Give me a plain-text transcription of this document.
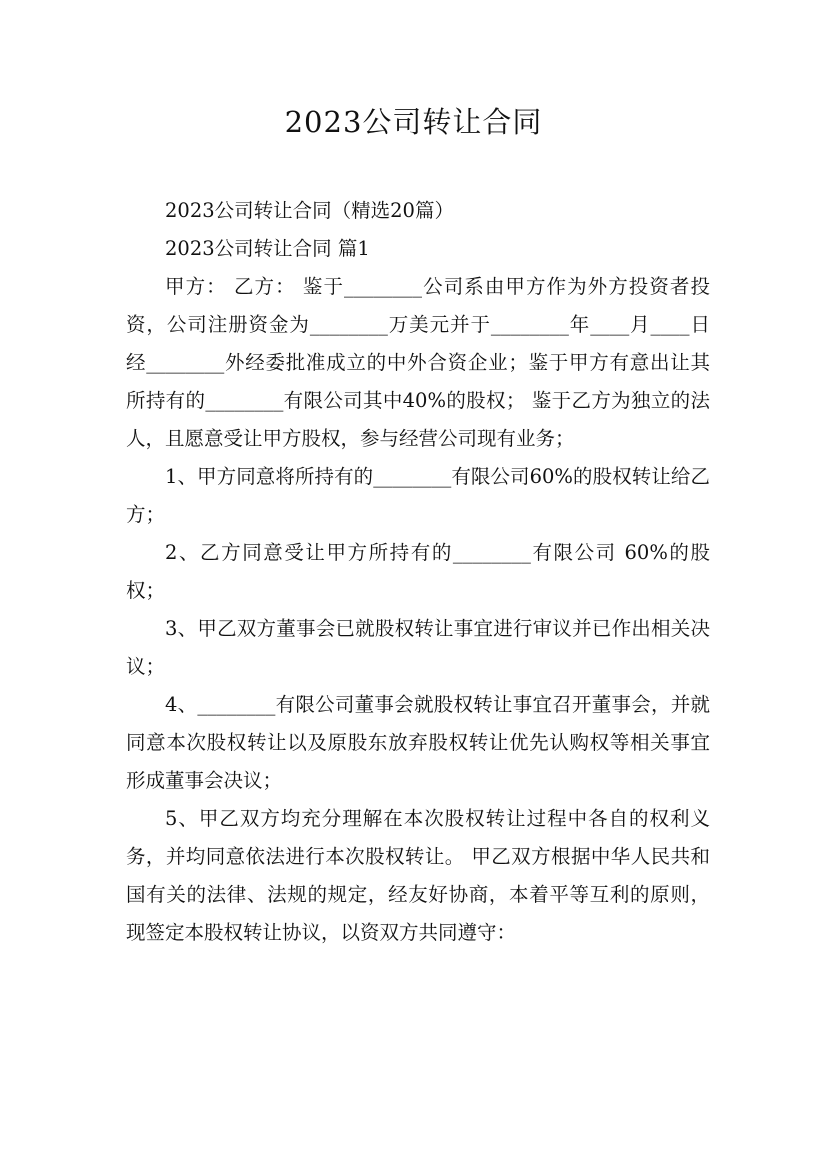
2023公司转让合同

2023公司转让合同（精选20篇）

2023公司转让合同 篇1

甲方： 乙方： 鉴于________公司系由甲方作为外方投资者投资，公司注册资金为________万美元并于________年____月____日经________外经委批准成立的中外合资企业；鉴于甲方有意出让其所持有的________有限公司其中40%的股权； 鉴于乙方为独立的法人，且愿意受让甲方股权，参与经营公司现有业务；

1、甲方同意将所持有的________有限公司60%的股权转让给乙方；

2、乙方同意受让甲方所持有的________有限公司 60%的股权；

3、甲乙双方董事会已就股权转让事宜进行审议并已作出相关决议；

4、________有限公司董事会就股权转让事宜召开董事会，并就同意本次股权转让以及原股东放弃股权转让优先认购权等相关事宜形成董事会决议；

5、甲乙双方均充分理解在本次股权转让过程中各自的权利义务，并均同意依法进行本次股权转让。 甲乙双方根据中华人民共和国有关的法律、法规的规定，经友好协商，本着平等互利的原则，现签定本股权转让协议，以资双方共同遵守：
